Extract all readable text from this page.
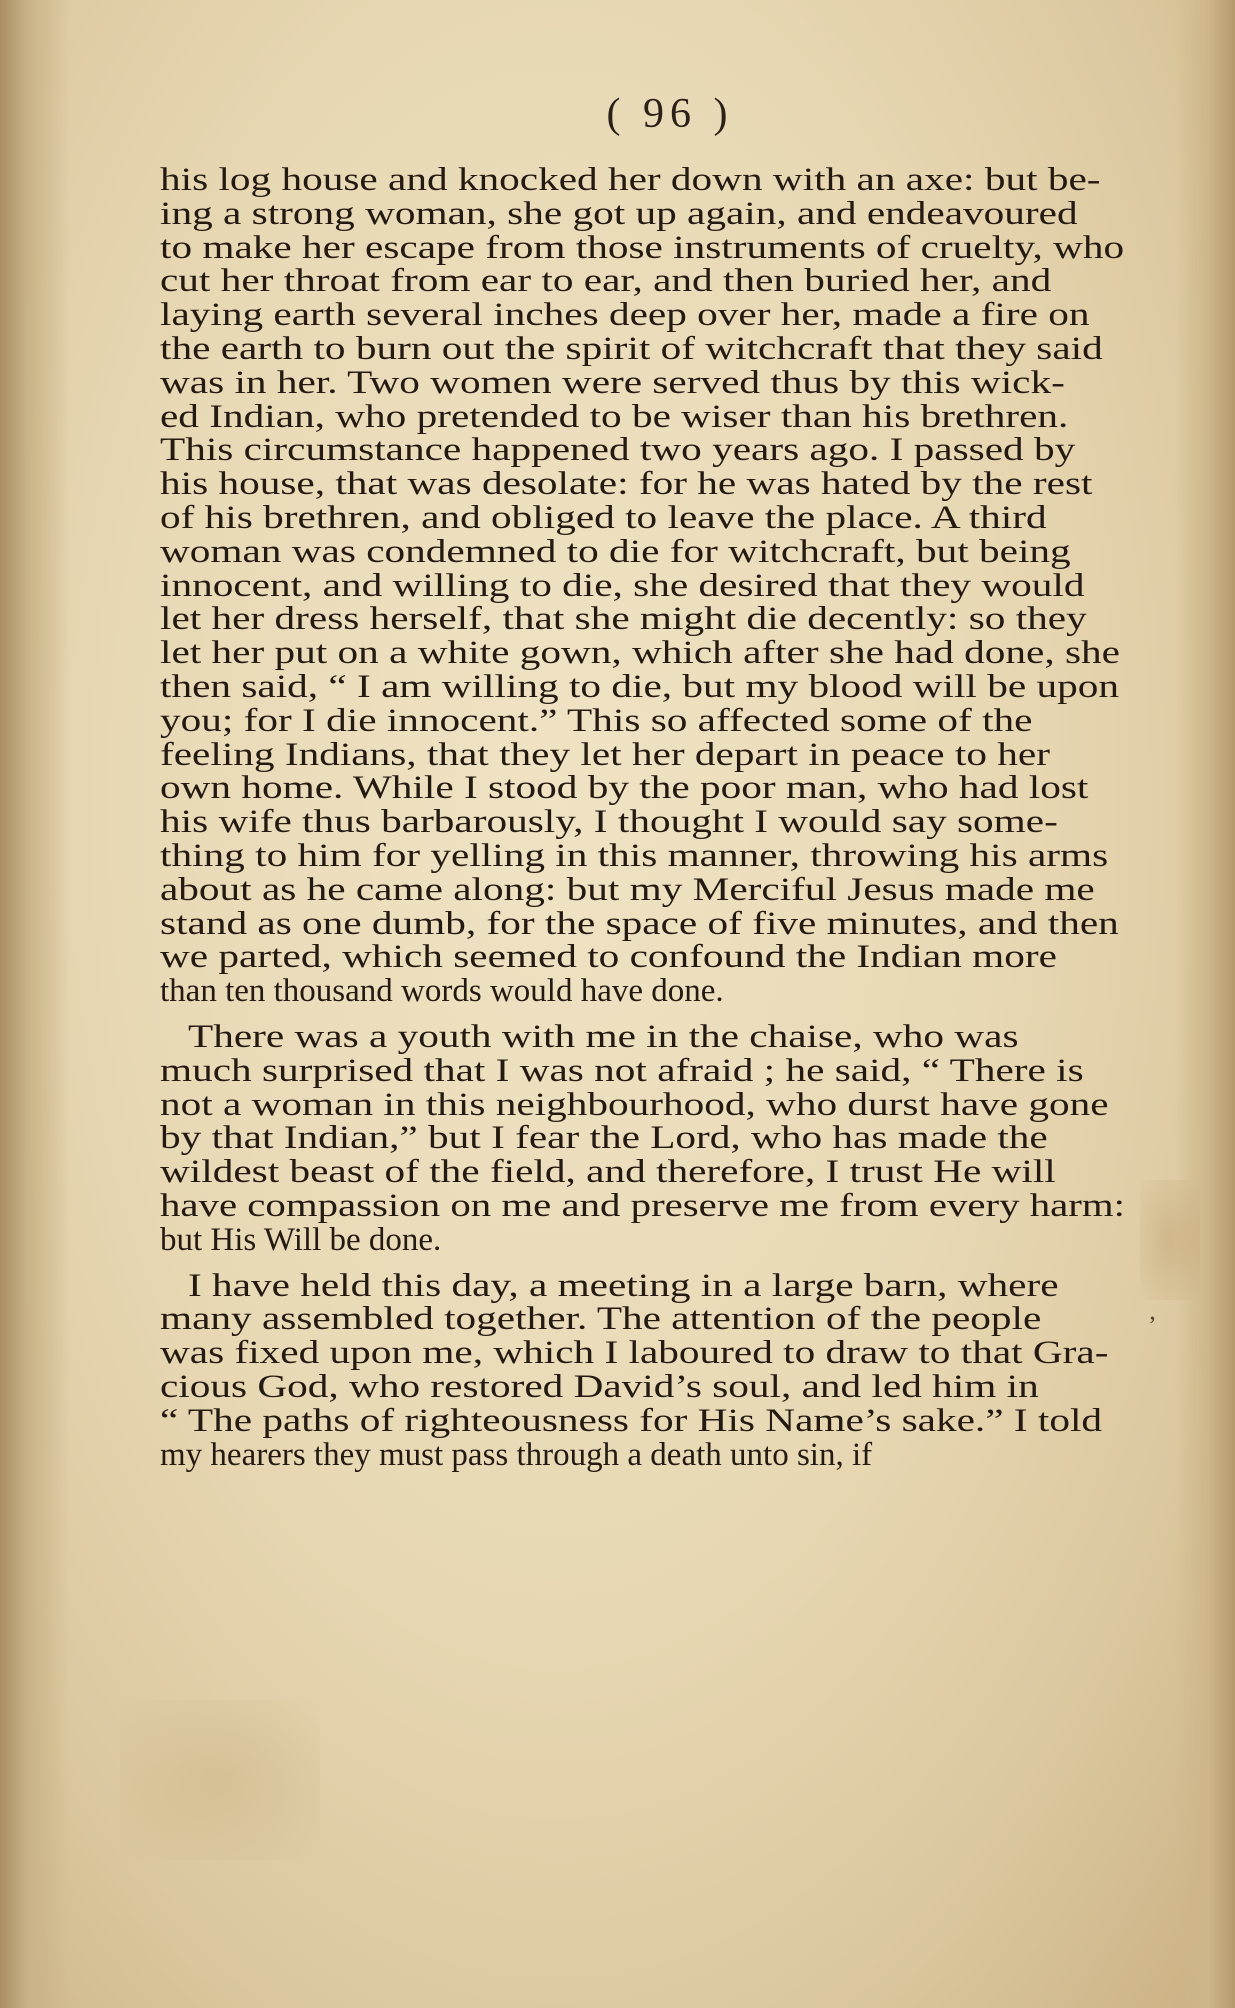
( 96 )
his log house and knocked her down with an axe: but be-
ing a strong woman, she got up again, and endeavoured
to make her escape from those instruments of cruelty, who
cut her throat from ear to ear, and then buried her, and
laying earth several inches deep over her, made a fire on
the earth to burn out the spirit of witchcraft that they said
was in her. Two women were served thus by this wick-
ed Indian, who pretended to be wiser than his brethren.
This circumstance happened two years ago. I passed by
his house, that was desolate: for he was hated by the rest
of his brethren, and obliged to leave the place. A third
woman was condemned to die for witchcraft, but being
innocent, and willing to die, she desired that they would
let her dress herself, that she might die decently: so they
let her put on a white gown, which after she had done, she
then said, “ I am willing to die, but my blood will be upon
you; for I die innocent.” This so affected some of the
feeling Indians, that they let her depart in peace to her
own home. While I stood by the poor man, who had lost
his wife thus barbarously, I thought I would say some-
thing to him for yelling in this manner, throwing his arms
about as he came along: but my Merciful Jesus made me
stand as one dumb, for the space of five minutes, and then
we parted, which seemed to confound the Indian more
than ten thousand words would have done.
There was a youth with me in the chaise, who was
much surprised that I was not afraid ; he said, “ There is
not a woman in this neighbourhood, who durst have gone
by that Indian,” but I fear the Lord, who has made the
wildest beast of the field, and therefore, I trust He will
have compassion on me and preserve me from every harm:
but His Will be done.
I have held this day, a meeting in a large barn, where
many assembled together. The attention of the people
was fixed upon me, which I laboured to draw to that Gra-
cious God, who restored David’s soul, and led him in
“ The paths of righteousness for His Name’s sake.” I told
my hearers they must pass through a death unto sin, if
ʼ
